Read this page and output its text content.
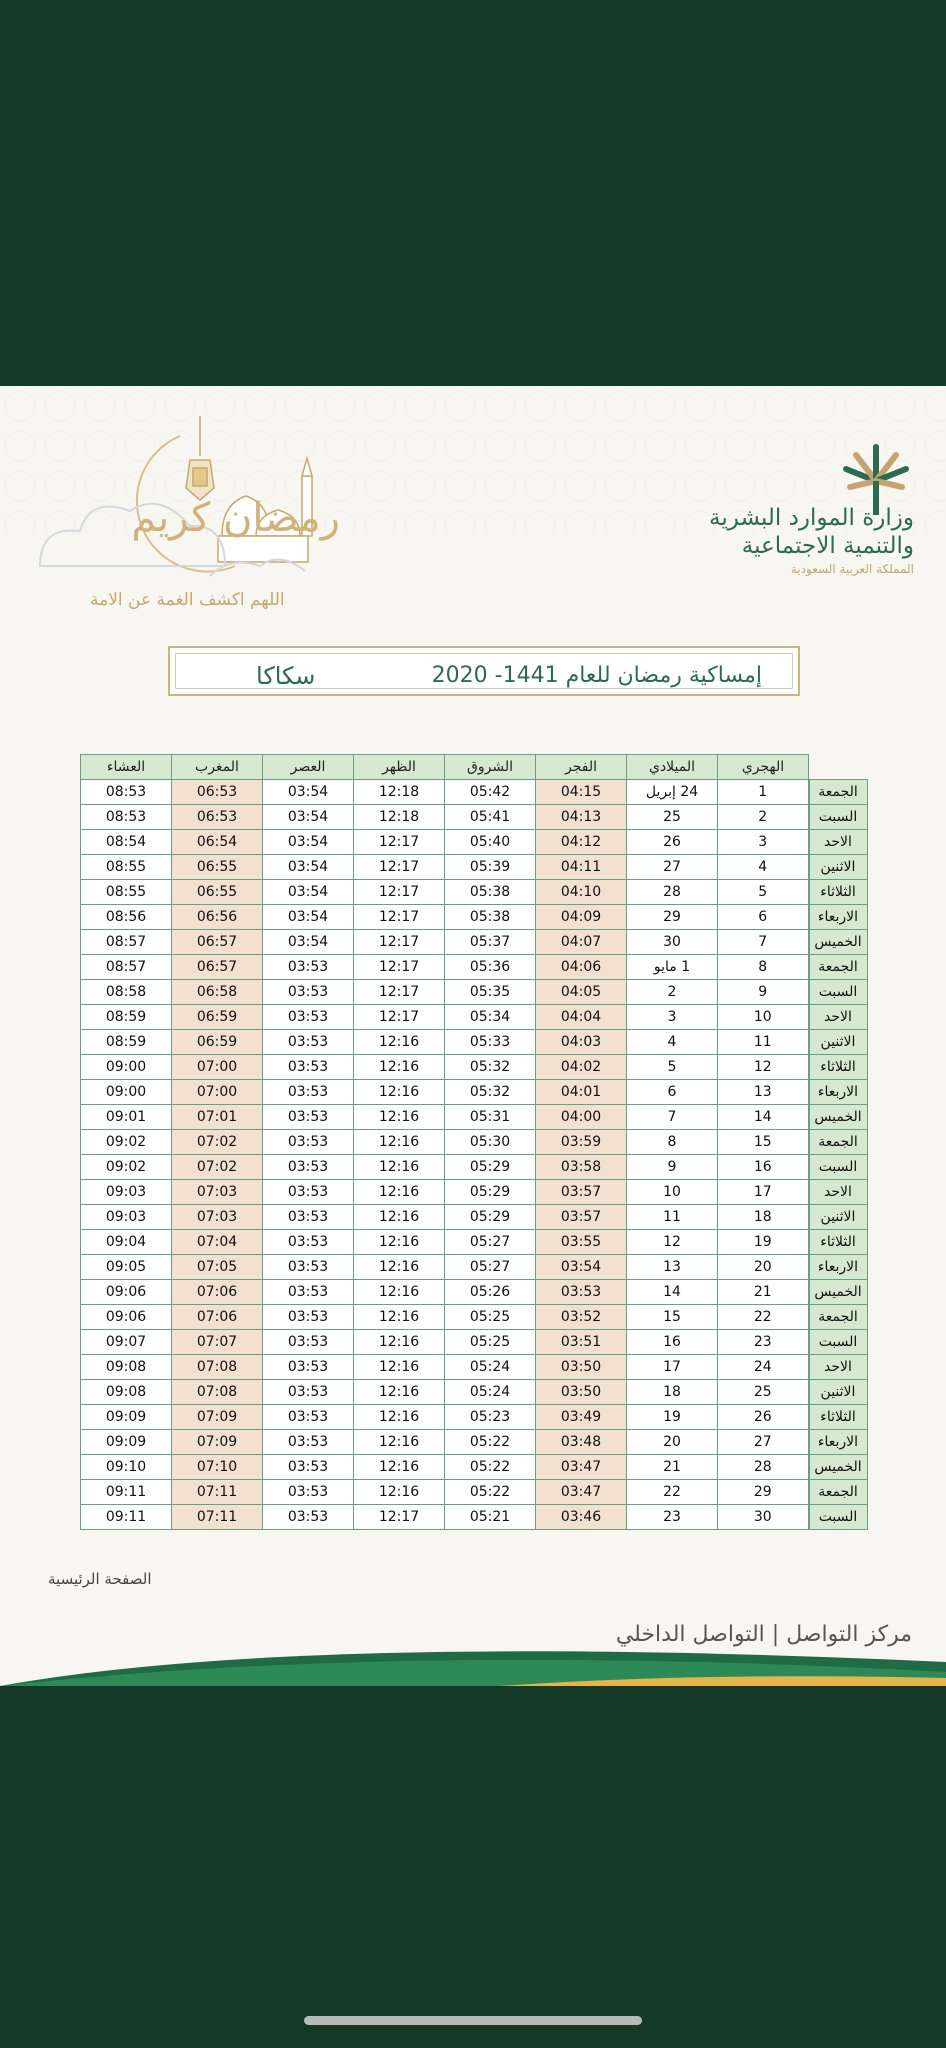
رمضان كريم
اللهم اكشف الغمة عن الامة
وزارة الموارد البشرية
والتنمية الاجتماعية
المملكة العربية السعودية
إمساكية رمضان للعام 1441- 2020
سكاكا
العشاء	المغرب	العصر	الظهر	الشروق	الفجر	الميلادي	الهجري	
08:53	06:53	03:54	12:18	05:42	04:15	24 إبريل	1	الجمعة
08:53	06:53	03:54	12:18	05:41	04:13	25	2	السبت
08:54	06:54	03:54	12:17	05:40	04:12	26	3	الاحد
08:55	06:55	03:54	12:17	05:39	04:11	27	4	الاثنين
08:55	06:55	03:54	12:17	05:38	04:10	28	5	الثلاثاء
08:56	06:56	03:54	12:17	05:38	04:09	29	6	الاربعاء
08:57	06:57	03:54	12:17	05:37	04:07	30	7	الخميس
08:57	06:57	03:53	12:17	05:36	04:06	1 مايو	8	الجمعة
08:58	06:58	03:53	12:17	05:35	04:05	2	9	السبت
08:59	06:59	03:53	12:17	05:34	04:04	3	10	الاحد
08:59	06:59	03:53	12:16	05:33	04:03	4	11	الاثنين
09:00	07:00	03:53	12:16	05:32	04:02	5	12	الثلاثاء
09:00	07:00	03:53	12:16	05:32	04:01	6	13	الاربعاء
09:01	07:01	03:53	12:16	05:31	04:00	7	14	الخميس
09:02	07:02	03:53	12:16	05:30	03:59	8	15	الجمعة
09:02	07:02	03:53	12:16	05:29	03:58	9	16	السبت
09:03	07:03	03:53	12:16	05:29	03:57	10	17	الاحد
09:03	07:03	03:53	12:16	05:29	03:57	11	18	الاثنين
09:04	07:04	03:53	12:16	05:27	03:55	12	19	الثلاثاء
09:05	07:05	03:53	12:16	05:27	03:54	13	20	الاربعاء
09:06	07:06	03:53	12:16	05:26	03:53	14	21	الخميس
09:06	07:06	03:53	12:16	05:25	03:52	15	22	الجمعة
09:07	07:07	03:53	12:16	05:25	03:51	16	23	السبت
09:08	07:08	03:53	12:16	05:24	03:50	17	24	الاحد
09:08	07:08	03:53	12:16	05:24	03:50	18	25	الاثنين
09:09	07:09	03:53	12:16	05:23	03:49	19	26	الثلاثاء
09:09	07:09	03:53	12:16	05:22	03:48	20	27	الاربعاء
09:10	07:10	03:53	12:16	05:22	03:47	21	28	الخميس
09:11	07:11	03:53	12:16	05:22	03:47	22	29	الجمعة
09:11	07:11	03:53	12:17	05:21	03:46	23	30	السبت
الصفحة الرئيسية
مركز التواصل | التواصل الداخلي
